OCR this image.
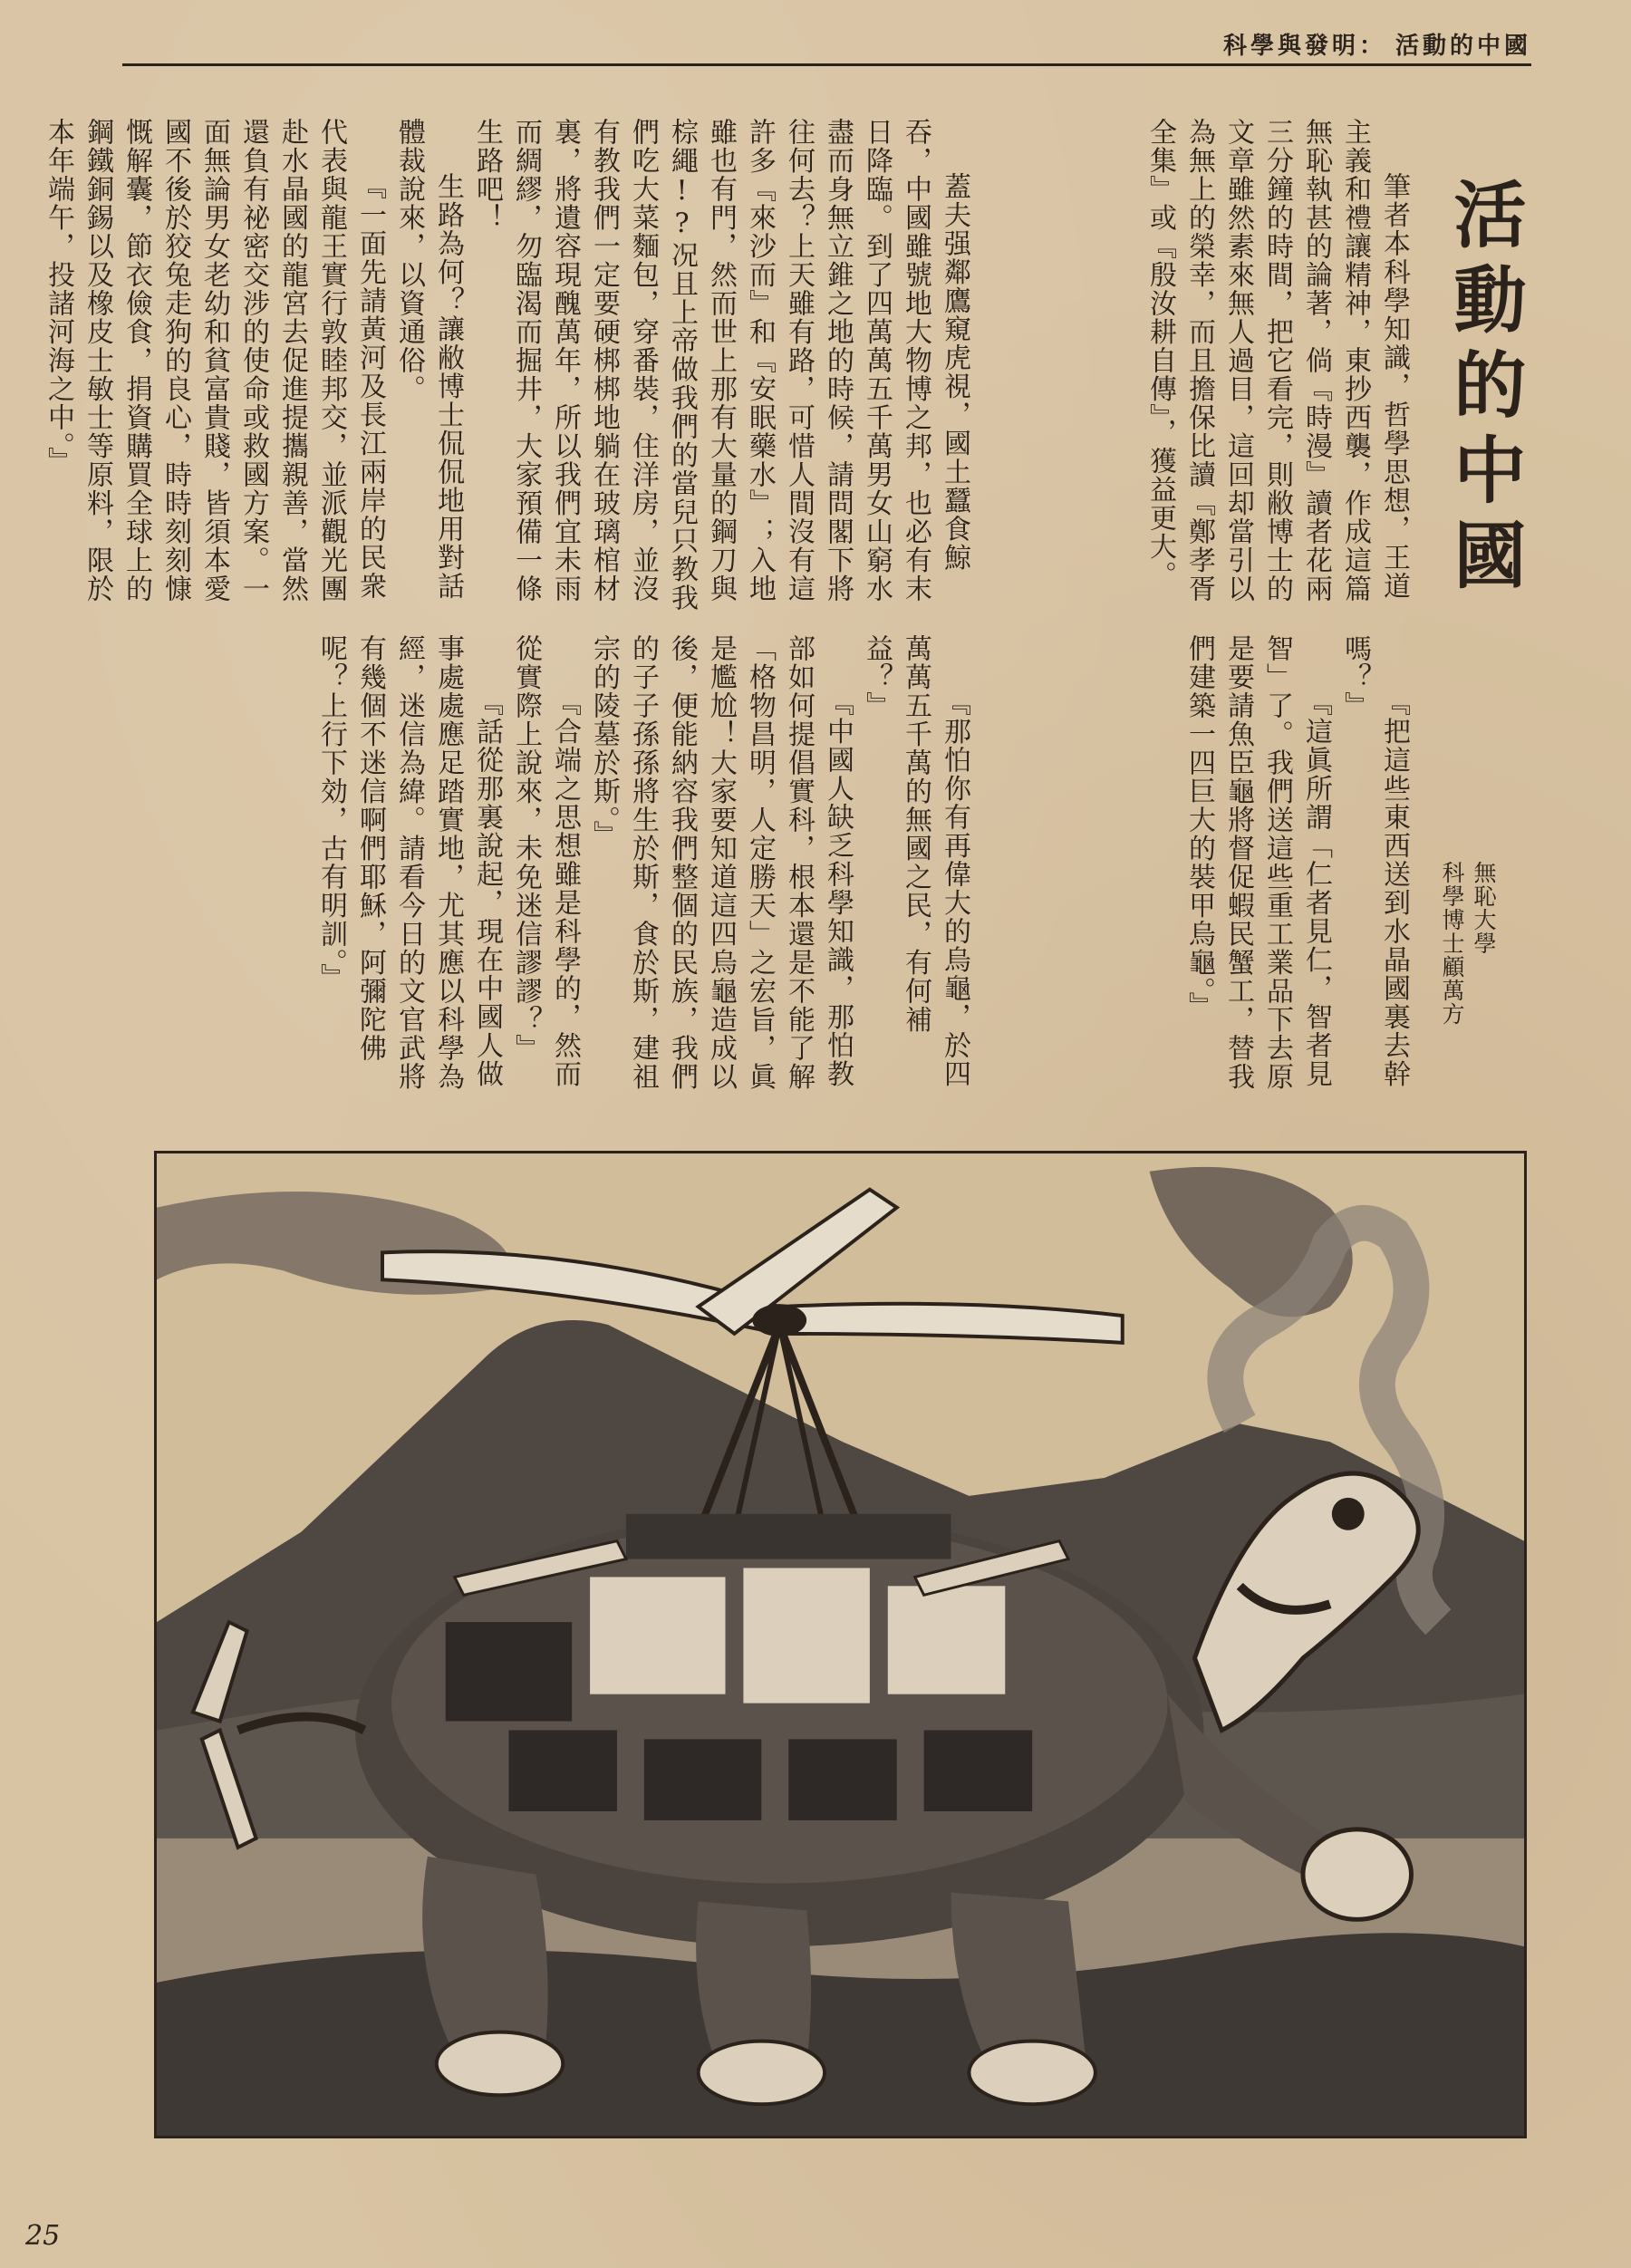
科學與發明： 活動的中國
活動的中國
無恥大學
科學博士顧萬方

筆者本科學知識，哲學思想，王道主義和禮讓精神，東抄西襲，作成這篇無恥執甚的論著，倘『時漫』讀者花兩三分鐘的時間，把它看完，則敝博士的文章雖然素來無人過目，這回却當引以為無上的榮幸，而且擔保比讀『鄭孝胥全集』或『殷汝耕自傳』，獲益更大。

蓋夫强鄰鷹窺虎視，國土蠶食鯨吞，中國雖號地大物博之邦，也必有末日降臨。到了四萬萬五千萬男女山窮水盡而身無立錐之地的時候，請問閣下將往何去？上天雖有路，可惜人間沒有這許多『來沙而』和『安眠藥水』；入地雖也有門，然而世上那有大量的鋼刀與棕繩!?况且上帝做我們的當兒只教我們吃大菜麵包，穿番裝，住洋房，並沒有教我們一定要硬梆梆地躺在玻璃棺材裏，將遺容現醜萬年，所以我們宜未雨而綢繆，勿臨渴而掘井，大家預備一條生路吧！

生路為何？讓敝博士侃侃地用對話體裁說來，以資通俗。

『一面先請黃河及長江兩岸的民衆代表與龍王實行敦睦邦交，並派觀光團赴水晶國的龍宮去促進提攜親善，當然還負有祕密交涉的使命或救國方案。一面無論男女老幼和貧富貴賤，皆須本愛國不後於狡兔走狗的良心，時時刻刻慷慨解囊，節衣儉食，捐資購買全球上的鋼鐵銅錫以及橡皮士敏士等原料，限於本年端午，投諸河海之中。』

『把這些東西送到水晶國裏去幹嗎？』

『這眞所謂「仁者見仁，智者見智」了。我們送這些重工業品下去原是要請魚臣龜將督促蝦民蟹工，替我們建築一四巨大的裝甲烏龜。』

『那怕你有再偉大的烏龜，於四萬萬五千萬的無國之民，有何補益？』

『中國人缺乏科學知識，那怕教部如何提倡實科，根本還是不能了解「格物昌明，人定勝天」之宏旨，眞是尷尬！大家要知道這四烏龜造成以後，便能納容我們整個的民族，我們的子子孫孫將生於斯，食於斯，建祖宗的陵墓於斯。』

『合端之思想雖是科學的，然而從實際上說來，未免迷信謬謬？』

『話從那裏說起，現在中國人做事處處應足踏實地，尤其應以科學為經，迷信為緯。請看今日的文官武將有幾個不迷信啊們耶穌，阿彌陀佛呢？上行下効，古有明訓。』

25
